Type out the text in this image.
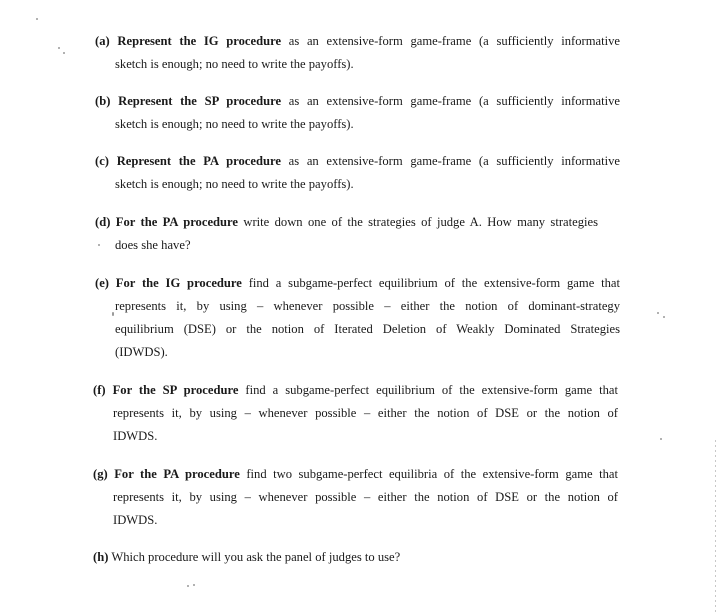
(a) Represent the IG procedure as an extensive-form game-frame (a sufficiently informative
sketch is enough; no need to write the payoffs).
(b) Represent the SP procedure as an extensive-form game-frame (a sufficiently informative
sketch is enough; no need to write the payoffs).
(c) Represent the PA procedure as an extensive-form game-frame (a sufficiently informative
sketch is enough; no need to write the payoffs).
(d) For the PA procedure write down one of the strategies of judge A. How many strategies
does she have?
(e) For the IG procedure find a subgame-perfect equilibrium of the extensive-form game that
represents it, by using – whenever possible – either the notion of dominant-strategy
equilibrium (DSE) or the notion of Iterated Deletion of Weakly Dominated Strategies
(IDWDS).
(f) For the SP procedure find a subgame-perfect equilibrium of the extensive-form game that
represents it, by using – whenever possible – either the notion of DSE or the notion of
IDWDS.
(g) For the PA procedure find two subgame-perfect equilibria of the extensive-form game that
represents it, by using – whenever possible – either the notion of DSE or the notion of
IDWDS.
(h) Which procedure will you ask the panel of judges to use?
